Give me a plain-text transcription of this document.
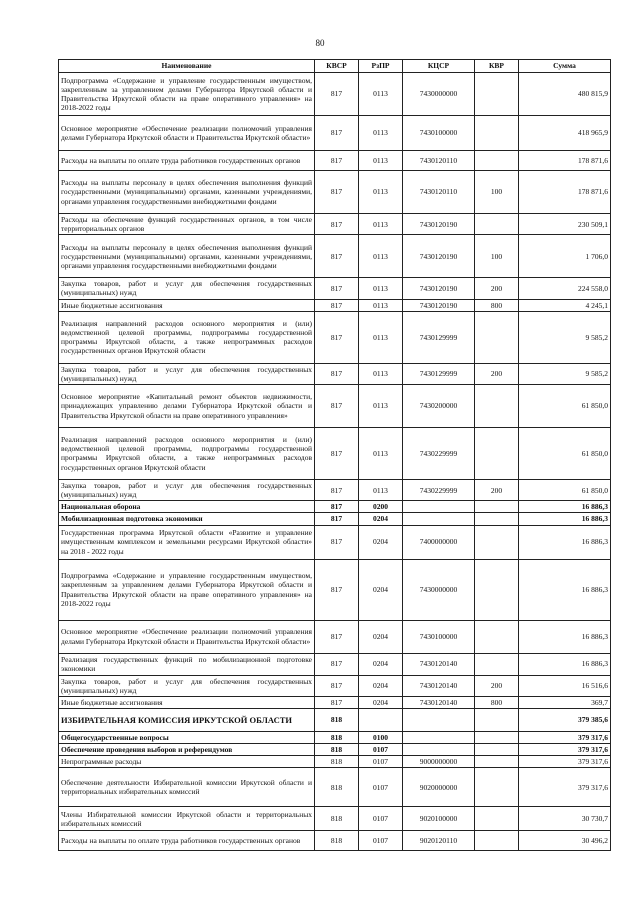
80
Наименование	КВСР	РзПР	КЦСР	КВР	Сумма
Подпрограмма «Содержание и управление государственным имуществом, закрепленным за управлением делами Губернатора Иркутской области и Правительства Иркутской области на праве оперативного управления» на 2018-2022 годы	817	0113	7430000000		480 815,9
Основное мероприятие «Обеспечение реализации полномочий управления делами Губернатора Иркутской области и Правительства Иркутской области»	817	0113	7430100000		418 965,9
Расходы на выплаты по оплате труда работников государственных органов	817	0113	7430120110		178 871,6
Расходы на выплаты персоналу в целях обеспечения выполнения функций государственными (муниципальными) органами, казенными учреждениями, органами управления государственными внебюджетными фондами	817	0113	7430120110	100	178 871,6
Расходы на обеспечение функций государственных органов, в том числе территориальных органов	817	0113	7430120190		230 509,1
Расходы на выплаты персоналу в целях обеспечения выполнения функций государственными (муниципальными) органами, казенными учреждениями, органами управления государственными внебюджетными фондами	817	0113	7430120190	100	1 706,0
Закупка товаров, работ и услуг для обеспечения государственных (муниципальных) нужд	817	0113	7430120190	200	224 558,0
Иные бюджетные ассигнования	817	0113	7430120190	800	4 245,1
Реализация направлений расходов основного мероприятия и (или) ведомственной целевой программы, подпрограммы государственной программы Иркутской области, а также непрограммных расходов государственных органов Иркутской области	817	0113	7430129999		9 585,2
Закупка товаров, работ и услуг для обеспечения государственных (муниципальных) нужд	817	0113	7430129999	200	9 585,2
Основное мероприятие «Капитальный ремонт объектов недвижимости, принадлежащих управлению делами Губернатора Иркутской области и Правительства Иркутской области на праве оперативного управления»	817	0113	7430200000		61 850,0
Реализация направлений расходов основного мероприятия и (или) ведомственной целевой программы, подпрограммы государственной программы Иркутской области, а также непрограммных расходов государственных органов Иркутской области	817	0113	7430229999		61 850,0
Закупка товаров, работ и услуг для обеспечения государственных (муниципальных) нужд	817	0113	7430229999	200	61 850,0
Национальная оборона	817	0200			16 886,3
Мобилизационная подготовка экономики	817	0204			16 886,3
Государственная программа Иркутской области «Развитие и управление имущественным комплексом и земельными ресурсами Иркутской области» на 2018 - 2022 годы	817	0204	7400000000		16 886,3
Подпрограмма «Содержание и управление государственным имуществом, закрепленным за управлением делами Губернатора Иркутской области и Правительства Иркутской области на праве оперативного управления» на 2018-2022 годы	817	0204	7430000000		16 886,3
Основное мероприятие «Обеспечение реализации полномочий управления делами Губернатора Иркутской области и Правительства Иркутской области»	817	0204	7430100000		16 886,3
Реализация государственных функций по мобилизационной подготовке экономики	817	0204	7430120140		16 886,3
Закупка товаров, работ и услуг для обеспечения государственных (муниципальных) нужд	817	0204	7430120140	200	16 516,6
Иные бюджетные ассигнования	817	0204	7430120140	800	369,7
ИЗБИРАТЕЛЬНАЯ КОМИССИЯ ИРКУТСКОЙ ОБЛАСТИ	818				379 385,6
Общегосударственные вопросы	818	0100			379 317,6
Обеспечение проведения выборов и референдумов	818	0107			379 317,6
Непрограммные расходы	818	0107	9000000000		379 317,6
Обеспечение деятельности Избирательной комиссии Иркутской области и территориальных избирательных комиссий	818	0107	9020000000		379 317,6
Члены Избирательной комиссии Иркутской области и территориальных избирательных комиссий	818	0107	9020100000		30 730,7
Расходы на выплаты по оплате труда работников государственных органов	818	0107	9020120110		30 496,2
